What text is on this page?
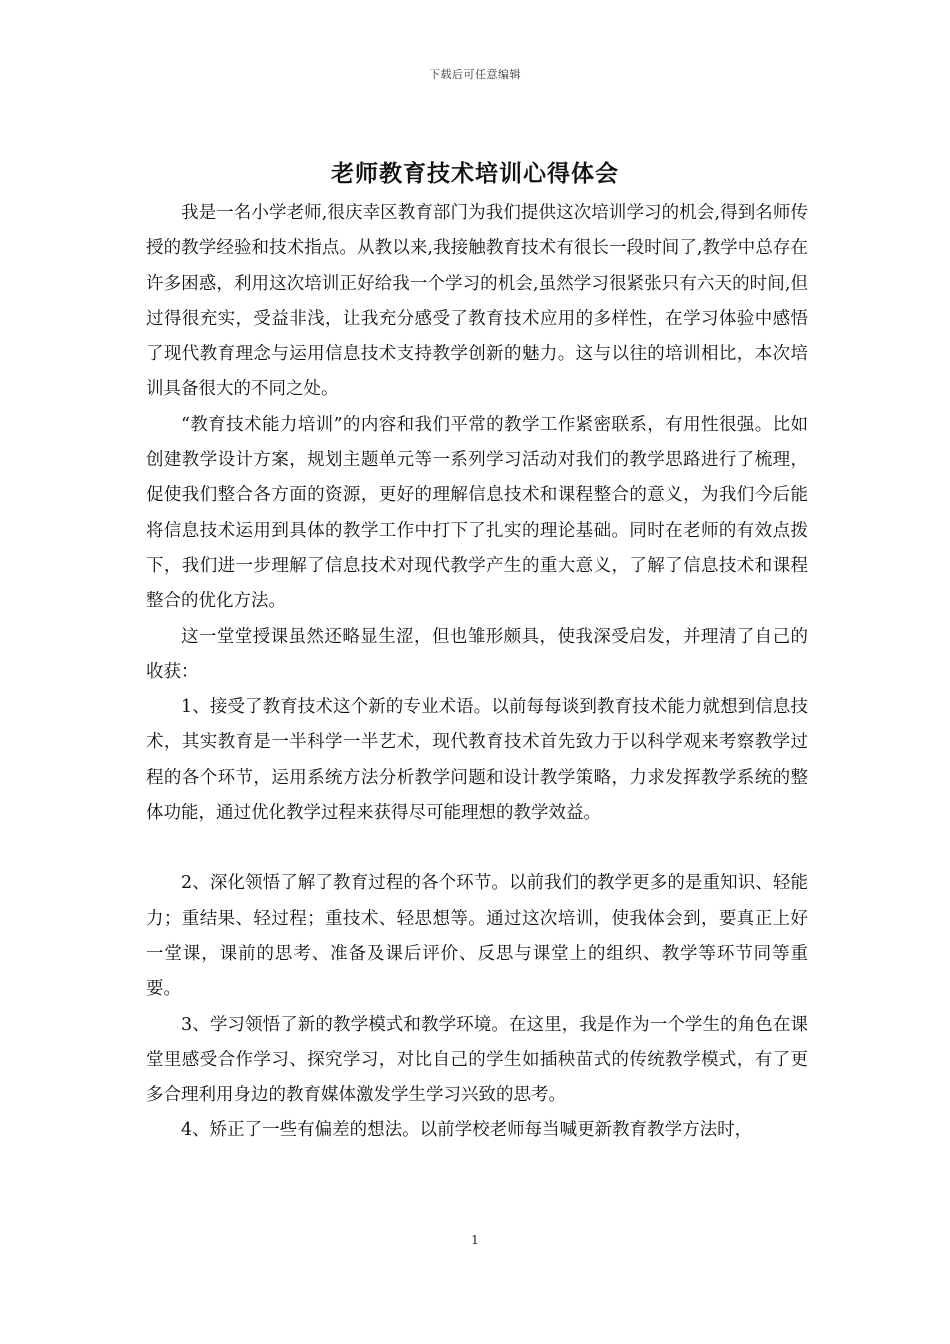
下载后可任意编辑
老师教育技术培训心得体会

我是一名小学老师,很庆幸区教育部门为我们提供这次培训学习的机会,得到名师传授的教学经验和技术指点。从教以来,我接触教育技术有很长一段时间了,教学中总存在许多困惑，利用这次培训正好给我一个学习的机会,虽然学习很紧张只有六天的时间,但过得很充实，受益非浅，让我充分感受了教育技术应用的多样性，在学习体验中感悟了现代教育理念与运用信息技术支持教学创新的魅力。这与以往的培训相比，本次培训具备很大的不同之处。

“教育技术能力培训”的内容和我们平常的教学工作紧密联系，有用性很强。比如创建教学设计方案，规划主题单元等一系列学习活动对我们的教学思路进行了梳理，促使我们整合各方面的资源，更好的理解信息技术和课程整合的意义，为我们今后能将信息技术运用到具体的教学工作中打下了扎实的理论基础。同时在老师的有效点拨下，我们进一步理解了信息技术对现代教学产生的重大意义，了解了信息技术和课程整合的优化方法。

这一堂堂授课虽然还略显生涩，但也雏形颇具，使我深受启发，并理清了自己的收获：

1、接受了教育技术这个新的专业术语。以前每每谈到教育技术能力就想到信息技术，其实教育是一半科学一半艺术，现代教育技术首先致力于以科学观来考察教学过程的各个环节，运用系统方法分析教学问题和设计教学策略，力求发挥教学系统的整体功能，通过优化教学过程来获得尽可能理想的教学效益。

2、深化领悟了解了教育过程的各个环节。以前我们的教学更多的是重知识、轻能力；重结果、轻过程；重技术、轻思想等。通过这次培训，使我体会到，要真正上好一堂课，课前的思考、准备及课后评价、反思与课堂上的组织、教学等环节同等重要。

3、学习领悟了新的教学模式和教学环境。在这里，我是作为一个学生的角色在课堂里感受合作学习、探究学习，对比自己的学生如插秧苗式的传统教学模式，有了更多合理利用身边的教育媒体激发学生学习兴致的思考。

4、矫正了一些有偏差的想法。以前学校老师每当喊更新教育教学方法时，

1
